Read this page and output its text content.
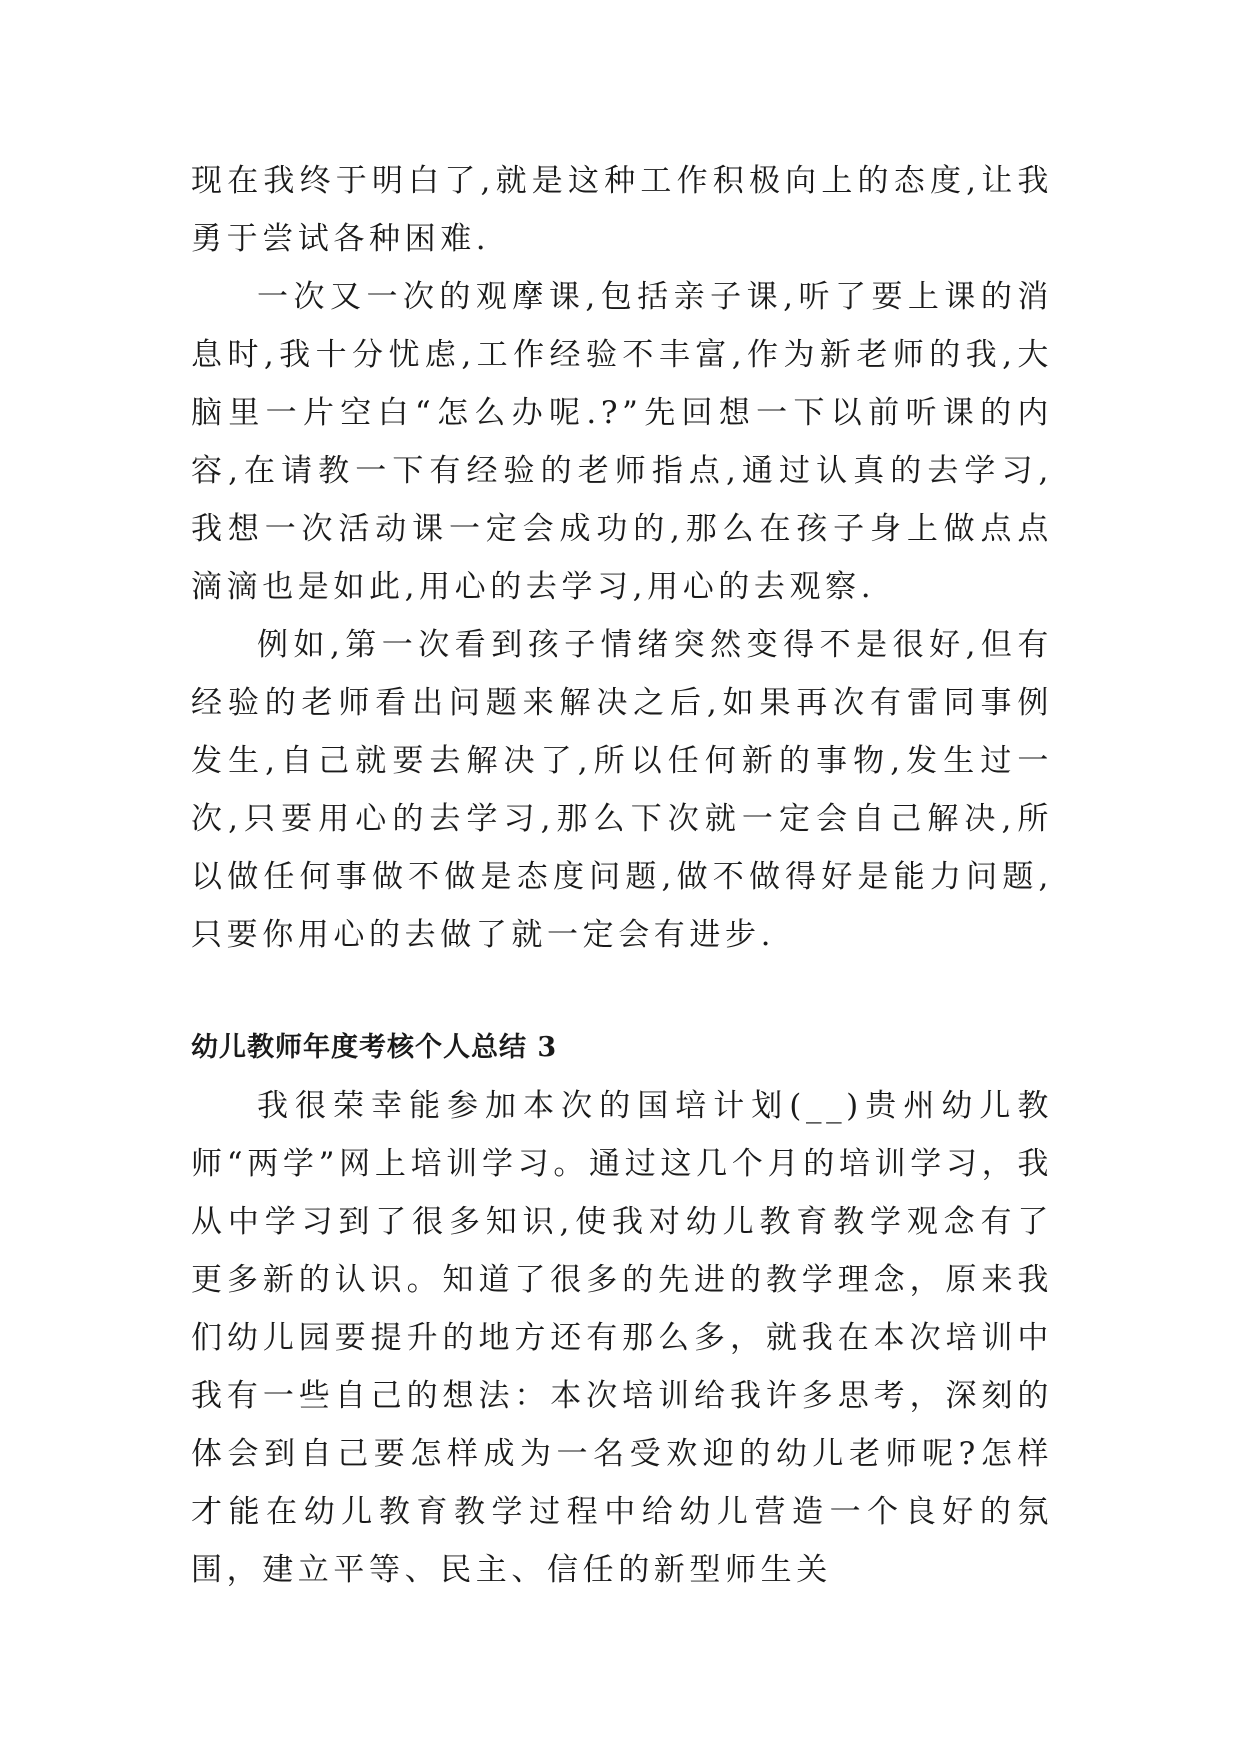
现在我终于明白了,就是这种工作积极向上的态度,让我勇于尝试各种困难.

一次又一次的观摩课,包括亲子课,听了要上课的消息时,我十分忧虑,工作经验不丰富,作为新老师的我,大脑里一片空白“怎么办呢.?”先回想一下以前听课的内容,在请教一下有经验的老师指点,通过认真的去学习,我想一次活动课一定会成功的,那么在孩子身上做点点滴滴也是如此,用心的去学习,用心的去观察.

例如,第一次看到孩子情绪突然变得不是很好,但有经验的老师看出问题来解决之后,如果再次有雷同事例发生,自己就要去解决了,所以任何新的事物,发生过一次,只要用心的去学习,那么下次就一定会自己解决,所以做任何事做不做是态度问题,做不做得好是能力问题,只要你用心的去做了就一定会有进步.

幼儿教师年度考核个人总结 3

我很荣幸能参加本次的国培计划(__)贵州幼儿教师“两学”网上培训学习。通过这几个月的培训学习，我从中学习到了很多知识,使我对幼儿教育教学观念有了更多新的认识。知道了很多的先进的教学理念，原来我们幼儿园要提升的地方还有那么多，就我在本次培训中我有一些自己的想法：本次培训给我许多思考，深刻的体会到自己要怎样成为一名受欢迎的幼儿老师呢?怎样才能在幼儿教育教学过程中给幼儿营造一个良好的氛围，建立平等、民主、信任的新型师生关
